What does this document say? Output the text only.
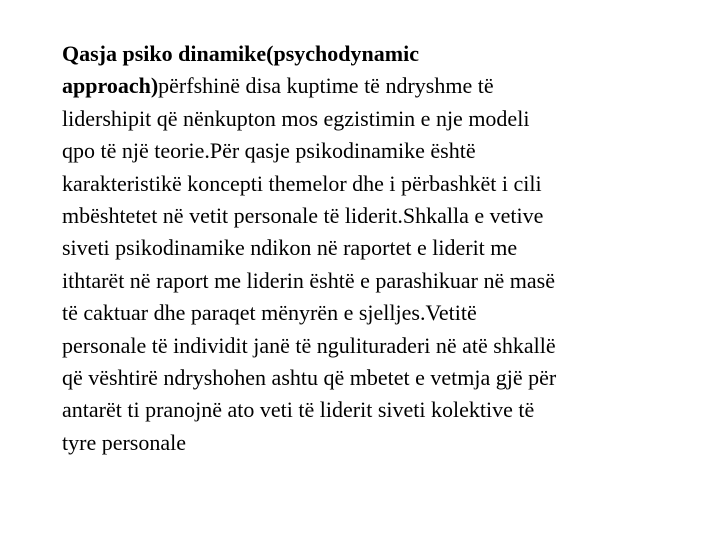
Qasja psiko dinamike(psychodynamic
approach)përfshinë disa kuptime të ndryshme të
lidershipit që nënkupton mos egzistimin e nje modeli
qpo të një teorie.Për qasje psikodinamike është
karakteristikë koncepti themelor dhe i përbashkët i cili
mbështetet në vetit personale të liderit.Shkalla e vetive
siveti psikodinamike ndikon në raportet e liderit me
ithtarët në raport me liderin është e parashikuar në masë
të caktuar dhe paraqet mënyrën e sjelljes.Vetitë
personale të individit janë të ngulituraderi në atë shkallë
që vështirë ndryshohen ashtu që mbetet e vetmja gjë për
antarët ti pranojnë ato veti të liderit siveti kolektive të
tyre personale
